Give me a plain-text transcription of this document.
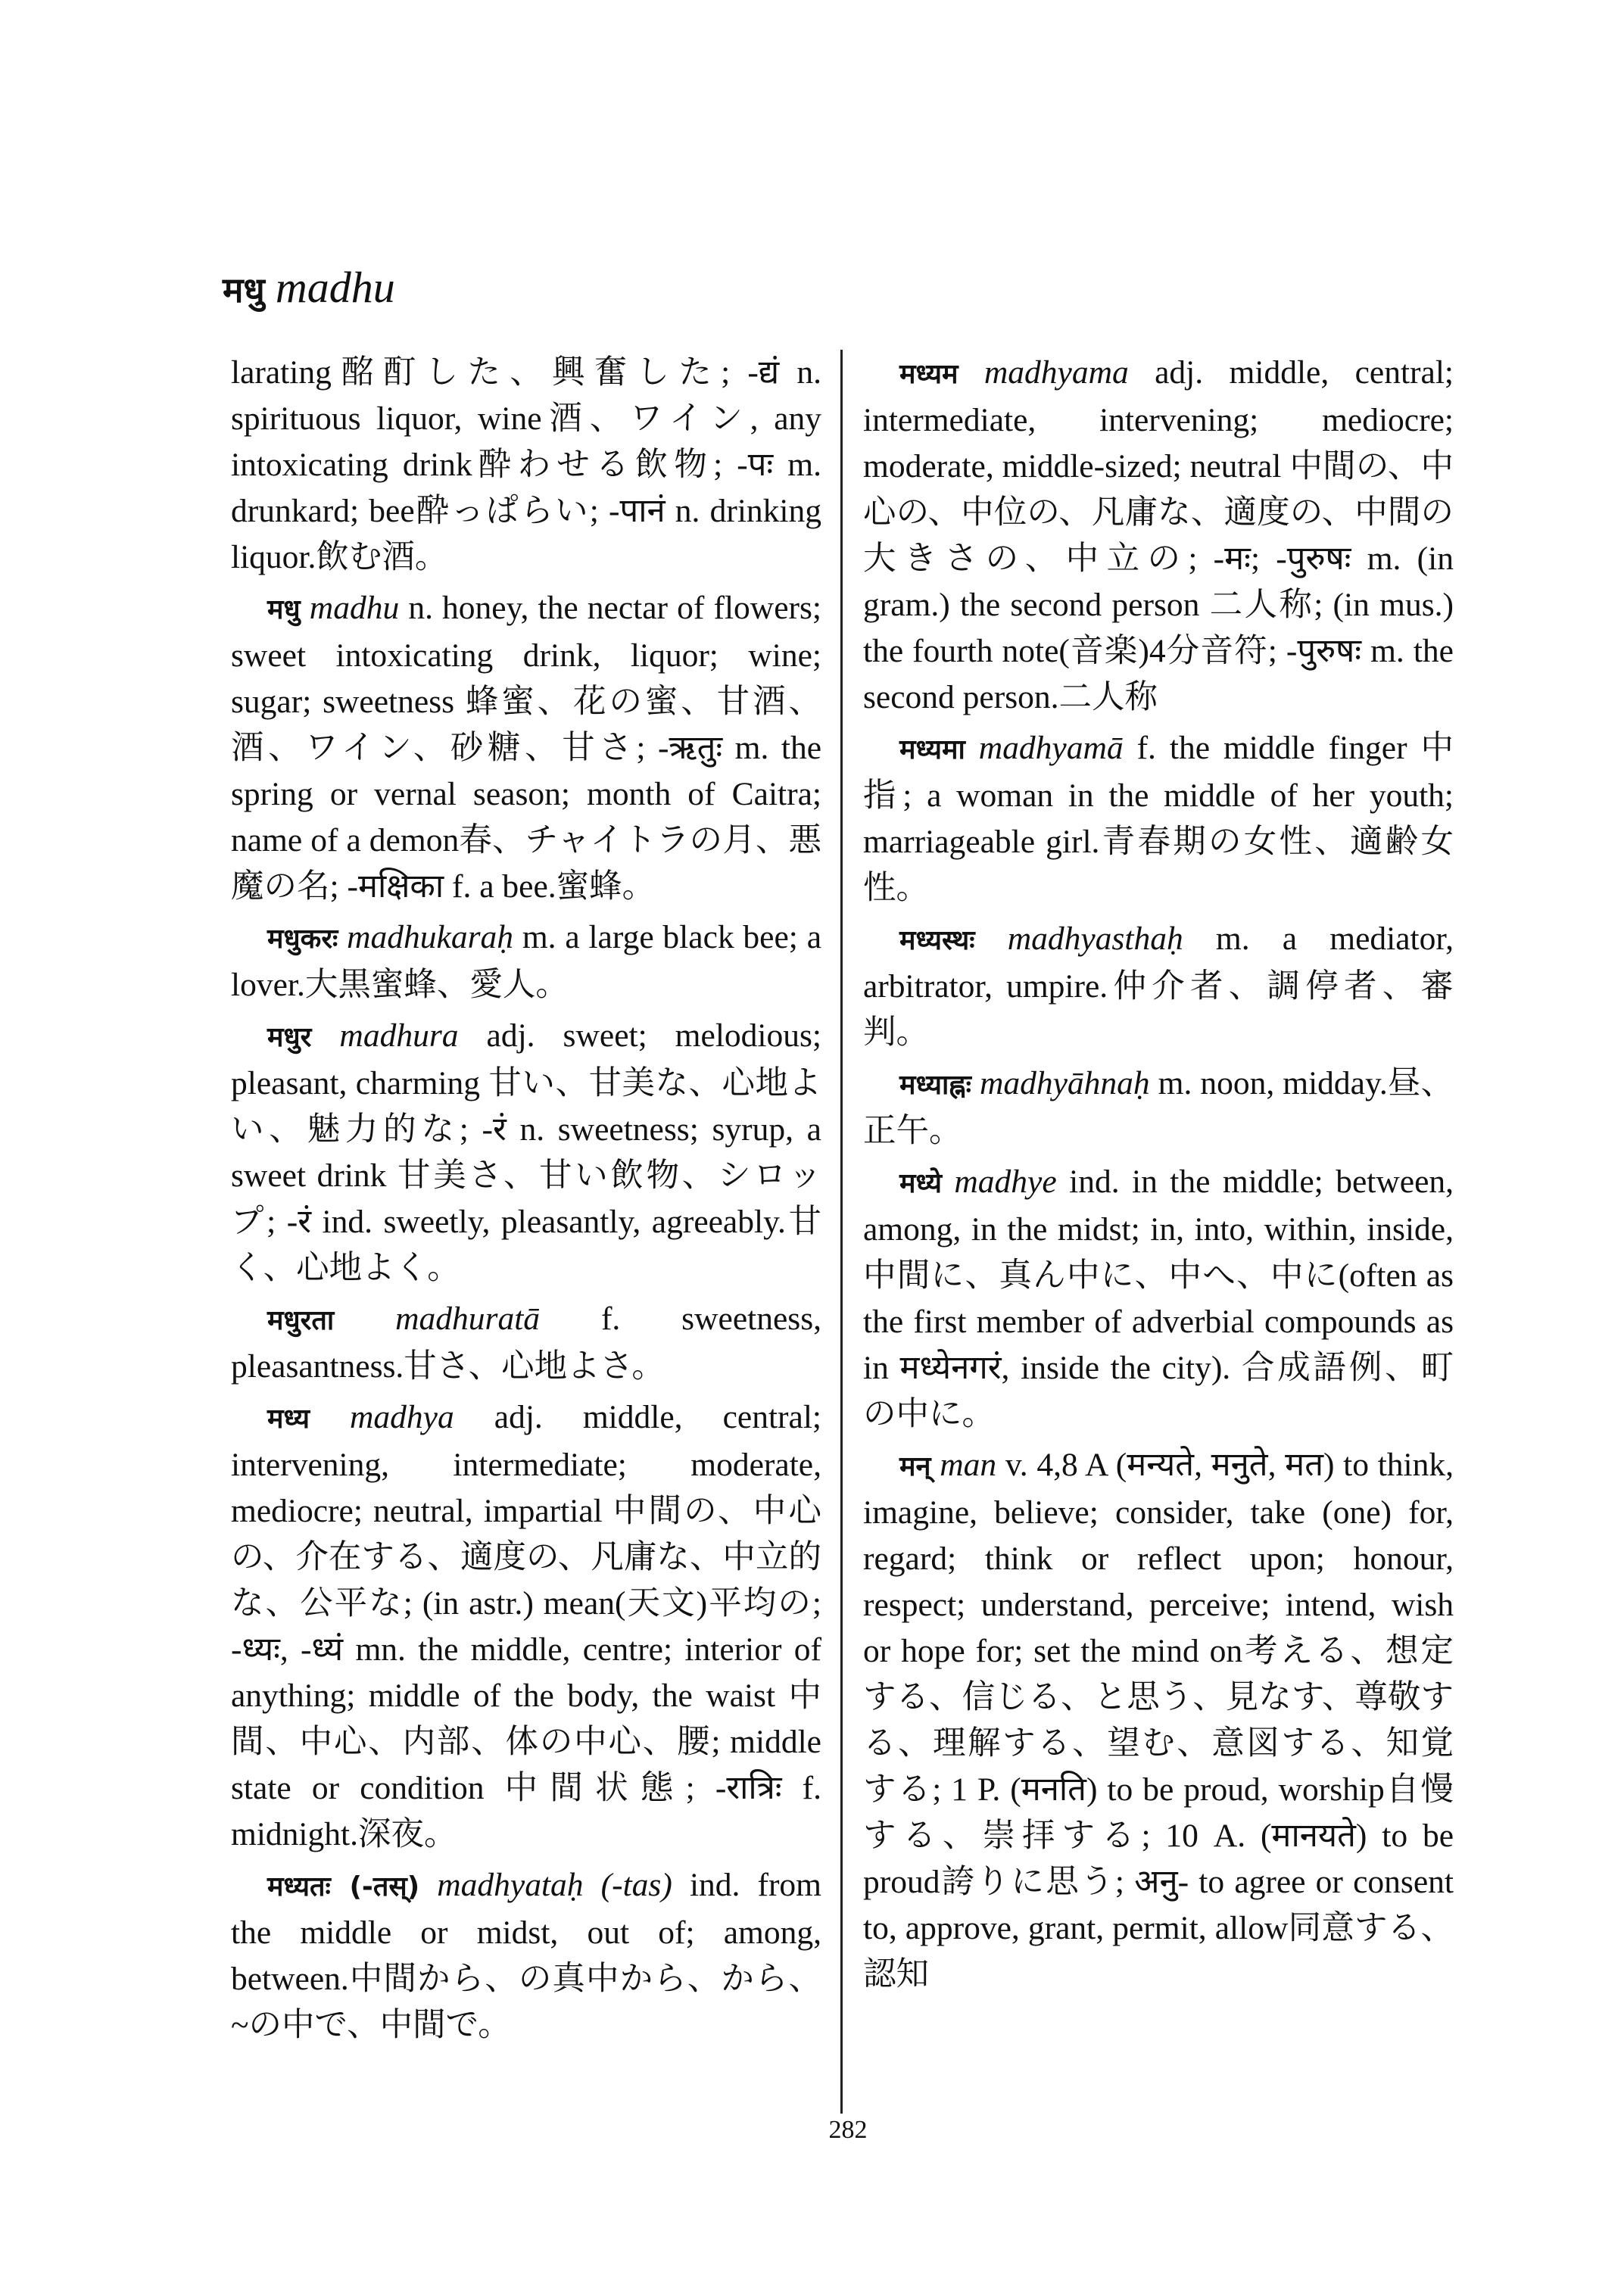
मधु madhu

larating酩酊した、興奮した; -द्यं n. spirituous liquor, wine酒、ワイン, any intoxicating drink酔わせる飲物; -पः m. drunkard; bee酔っぱらい; -पानं n. drinking liquor.飲む酒。

मधु madhu n. honey, the nectar of flowers; sweet intoxicating drink, liquor; wine; sugar; sweetness 蜂蜜、花の蜜、甘酒、酒、ワイン、砂糖、甘さ; -ऋतुः m. the spring or vernal season; month of Caitra; name of a demon春、チャイトラの月、悪魔の名; -मक्षिका f. a bee.蜜蜂。

मधुकरः madhukaraḥ m. a large black bee; a lover.大黒蜜蜂、愛人。

मधुर madhura adj. sweet; melodious; pleasant, charming 甘い、甘美な、心地よい、魅力的な; -रं n. sweetness; syrup, a sweet drink 甘美さ、甘い飲物、シロップ; -रं ind. sweetly, pleasantly, agreeably.甘く、心地よく。

मधुरता madhuratā f. sweetness, pleasantness.甘さ、心地よさ。

मध्य madhya adj. middle, central; intervening, intermediate; moderate, mediocre; neutral, impartial 中間の、中心の、介在する、適度の、凡庸な、中立的な、公平な; (in astr.) mean(天文)平均の; -ध्यः, -ध्यं mn. the middle, centre; interior of anything; middle of the body, the waist 中間、中心、内部、体の中心、腰; middle state or condition 中間状態; -रात्रिः f. midnight.深夜。

मध्यतः (-तस्) madhyataḥ (-tas) ind. from the middle or midst, out of; among, between.中間から、の真中から、から、~の中で、中間で。

मध्यम madhyama adj. middle, central; intermediate, intervening; mediocre; moderate, middle-sized; neutral 中間の、中心の、中位の、凡庸な、適度の、中間の大きさの、中立の; -मः; -पुरुषः m. (in gram.) the second person 二人称; (in mus.) the fourth note(音楽)4分音符; -पुरुषः m. the second person.二人称

मध्यमा madhyamā f. the middle finger 中指; a woman in the middle of her youth; marriageable girl.青春期の女性、適齢女性。

मध्यस्थः madhyasthaḥ m. a mediator, arbitrator, umpire.仲介者、調停者、審判。

मध्याह्नः madhyāhnaḥ m. noon, midday.昼、正午。

मध्ये madhye ind. in the middle; between, among, in the midst; in, into, within, inside, 中間に、真ん中に、中へ、中に(often as the first member of adverbial compounds as in मध्येनगरं, inside the city). 合成語例、町の中に。

मन् man v. 4,8 A (मन्यते, मनुते, मत) to think, imagine, believe; consider, take (one) for, regard; think or reflect upon; honour, respect; understand, perceive; intend, wish or hope for; set the mind on考える、想定する、信じる、と思う、見なす、尊敬する、理解する、望む、意図する、知覚する; 1 P. (मनति) to be proud, worship自慢する、崇拝する; 10 A. (मानयते) to be proud誇りに思う; अनु- to agree or consent to, approve, grant, permit, allow同意する、認知

282
